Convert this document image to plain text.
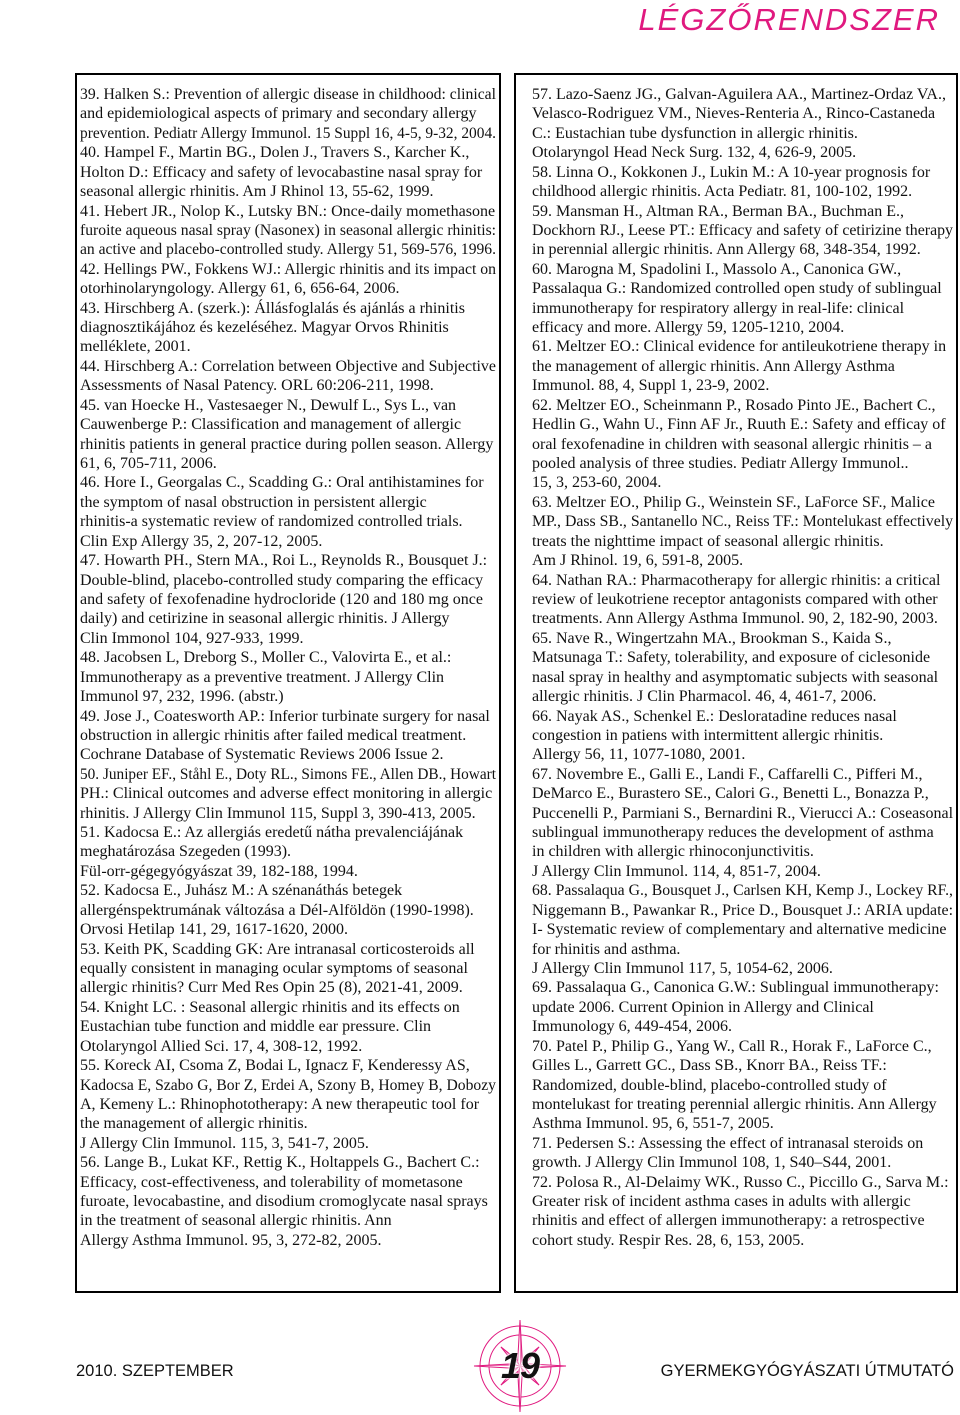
LÉGZŐRENDSZER
39. Halken S.: Prevention of allergic disease in childhood: clinical
and epidemiological aspects of primary and secondary allergy
prevention. Pediatr Allergy Immunol. 15 Suppl 16, 4-5, 9-32, 2004.
40. Hampel F., Martin BG., Dolen J., Travers S., Karcher K.,
Holton D.: Efficacy and safety of levocabastine nasal spray for
seasonal allergic rhinitis. Am J Rhinol 13, 55-62, 1999.
41. Hebert JR., Nolop K., Lutsky BN.: Once-daily momethasone
furoite aqueous nasal spray (Nasonex) in seasonal allergic rhinitis:
an active and placebo-controlled study. Allergy 51, 569-576, 1996.
42. Hellings PW., Fokkens WJ.: Allergic rhinitis and its impact on
otorhinolaryngology. Allergy 61, 6, 656-64, 2006.
43. Hirschberg A. (szerk.): Állásfoglalás és ajánlás a rhinitis
diagnosztikájához és kezeléséhez. Magyar Orvos Rhinitis
melléklete, 2001.
44. Hirschberg A.: Correlation between Objective and Subjective
Assessments of Nasal Patency. ORL 60:206-211, 1998.
45. van Hoecke H., Vastesaeger N., Dewulf L., Sys L., van
Cauwenberge P.: Classification and management of allergic
rhinitis patients in general practice during pollen season. Allergy
61, 6, 705-711, 2006.
46. Hore I., Georgalas C., Scadding G.: Oral antihistamines for
the symptom of nasal obstruction in persistent allergic
rhinitis-a systematic review of randomized controlled trials.
Clin Exp Allergy 35, 2, 207-12, 2005.
47. Howarth PH., Stern MA., Roi L., Reynolds R., Bousquet J.:
Double-blind, placebo-controlled study comparing the efficacy
and safety of fexofenadine hydrocloride (120 and 180 mg once
daily) and cetirizine in seasonal allergic rhinitis. J Allergy
Clin Immonol 104, 927-933, 1999.
48. Jacobsen L, Dreborg S., Moller C., Valovirta E., et al.:
Immunotherapy as a preventive treatment. J Allergy Clin
Immunol 97, 232, 1996. (abstr.)
49. Jose J., Coatesworth AP.: Inferior turbinate surgery for nasal
obstruction in allergic rhinitis after failed medical treatment.
Cochrane Database of Systematic Reviews 2006 Issue 2.
50. Juniper EF., Ståhl E., Doty RL., Simons FE., Allen DB., Howart
PH.: Clinical outcomes and adverse effect monitoring in allergic
rhinitis. J Allergy Clin Immunol 115, Suppl 3, 390-413, 2005.
51. Kadocsa E.: Az allergiás eredetű nátha prevalenciájának
meghatározása Szegeden (1993).
Fül-orr-gégegyógyászat 39, 182-188, 1994.
52. Kadocsa E., Juhász M.: A szénanáthás betegek
allergénspektrumának változása a Dél-Alföldön (1990-1998).
Orvosi Hetilap 141, 29, 1617-1620, 2000.
53. Keith PK, Scadding GK: Are intranasal corticosteroids all
equally consistent in managing ocular symptoms of seasonal
allergic rhinitis? Curr Med Res Opin 25 (8), 2021-41, 2009.
54. Knight LC. : Seasonal allergic rhinitis and its effects on
Eustachian tube function and middle ear pressure. Clin
Otolaryngol Allied Sci. 17, 4, 308-12, 1992.
55. Koreck AI, Csoma Z, Bodai L, Ignacz F, Kenderessy AS,
Kadocsa E, Szabo G, Bor Z, Erdei A, Szony B, Homey B, Dobozy
A, Kemeny L.: Rhinophototherapy: A new therapeutic tool for
the management of allergic rhinitis.
J Allergy Clin Immunol. 115, 3, 541-7, 2005.
56. Lange B., Lukat KF., Rettig K., Holtappels G., Bachert C.:
Efficacy, cost-effectiveness, and tolerability of mometasone
furoate, levocabastine, and disodium cromoglycate nasal sprays
in the treatment of seasonal allergic rhinitis. Ann
Allergy Asthma Immunol. 95, 3, 272-82, 2005.
57. Lazo-Saenz JG., Galvan-Aguilera AA., Martinez-Ordaz VA.,
Velasco-Rodriguez VM., Nieves-Renteria A., Rinco-Castaneda
C.: Eustachian tube dysfunction in allergic rhinitis.
Otolaryngol Head Neck Surg. 132, 4, 626-9, 2005.
58. Linna O., Kokkonen J., Lukin M.: A 10-year prognosis for
childhood allergic rhinitis. Acta Pediatr. 81, 100-102, 1992.
59. Mansman H., Altman RA., Berman BA., Buchman E.,
Dockhorn RJ., Leese PT.: Efficacy and safety of cetirizine therapy
in perennial allergic rhinitis. Ann Allergy 68, 348-354, 1992.
60. Marogna M, Spadolini I., Massolo A., Canonica GW.,
Passalaqua G.: Randomized controlled open study of sublingual
immunotherapy for respiratory allergy in real-life: clinical
efficacy and more. Allergy 59, 1205-1210, 2004.
61. Meltzer EO.: Clinical evidence for antileukotriene therapy in
the management of allergic rhinitis. Ann Allergy Asthma
Immunol. 88, 4, Suppl 1, 23-9, 2002.
62. Meltzer EO., Scheinmann P., Rosado Pinto JE., Bachert C.,
Hedlin G., Wahn U., Finn AF Jr., Ruuth E.: Safety and efficay of
oral fexofenadine in children with seasonal allergic rhinitis – a
pooled analysis of three studies. Pediatr Allergy Immunol..
15, 3, 253-60, 2004.
63. Meltzer EO., Philip G., Weinstein SF., LaForce SF., Malice
MP., Dass SB., Santanello NC., Reiss TF.: Montelukast effectively
treats the nighttime impact of seasonal allergic rhinitis.
Am J Rhinol. 19, 6, 591-8, 2005.
64. Nathan RA.: Pharmacotherapy for allergic rhinitis: a critical
review of leukotriene receptor antagonists compared with other
treatments. Ann Allergy Asthma Immunol. 90, 2, 182-90, 2003.
65. Nave R., Wingertzahn MA., Brookman S., Kaida S.,
Matsunaga T.: Safety, tolerability, and exposure of ciclesonide
nasal spray in healthy and asymptomatic subjects with seasonal
allergic rhinitis. J Clin Pharmacol. 46, 4, 461-7, 2006.
66. Nayak AS., Schenkel E.: Desloratadine reduces nasal
congestion in patiens with intermittent allergic rhinitis.
Allergy 56, 11, 1077-1080, 2001.
67. Novembre E., Galli E., Landi F., Caffarelli C., Pifferi M.,
DeMarco E., Burastero SE., Calori G., Benetti L., Bonazza P.,
Puccenelli P., Parmiani S., Bernardini R., Vierucci A.: Coseasonal
sublingual immunotherapy reduces the development of asthma
in children with allergic rhinoconjunctivitis.
J Allergy Clin Immunol. 114, 4, 851-7, 2004.
68. Passalaqua G., Bousquet J., Carlsen KH, Kemp J., Lockey RF.,
Niggemann B., Pawankar R., Price D., Bousquet J.: ARIA update:
I- Systematic review of complementary and alternative medicine
for rhinitis and asthma.
J Allergy Clin Immunol 117, 5, 1054-62, 2006.
69. Passalaqua G., Canonica G.W.: Sublingual immunotherapy:
update 2006. Current Opinion in Allergy and Clinical
Immunology 6, 449-454, 2006.
70. Patel P., Philip G., Yang W., Call R., Horak F., LaForce C.,
Gilles L., Garrett GC., Dass SB., Knorr BA., Reiss TF.:
Randomized, double-blind, placebo-controlled study of
montelukast for treating perennial allergic rhinitis. Ann Allergy
Asthma Immunol. 95, 6, 551-7, 2005.
71. Pedersen S.: Assessing the effect of intranasal steroids on
growth. J Allergy Clin Immunol 108, 1, S40–S44, 2001.
72. Polosa R., Al-Delaimy WK., Russo C., Piccillo G., Sarva M.:
Greater risk of incident asthma cases in adults with allergic
rhinitis and effect of allergen immunotherapy: a retrospective
cohort study. Respir Res. 28, 6, 153, 2005.
2010. SZEPTEMBER	19	GYERMEKGYÓGYÁSZATI ÚTMUTATÓ
